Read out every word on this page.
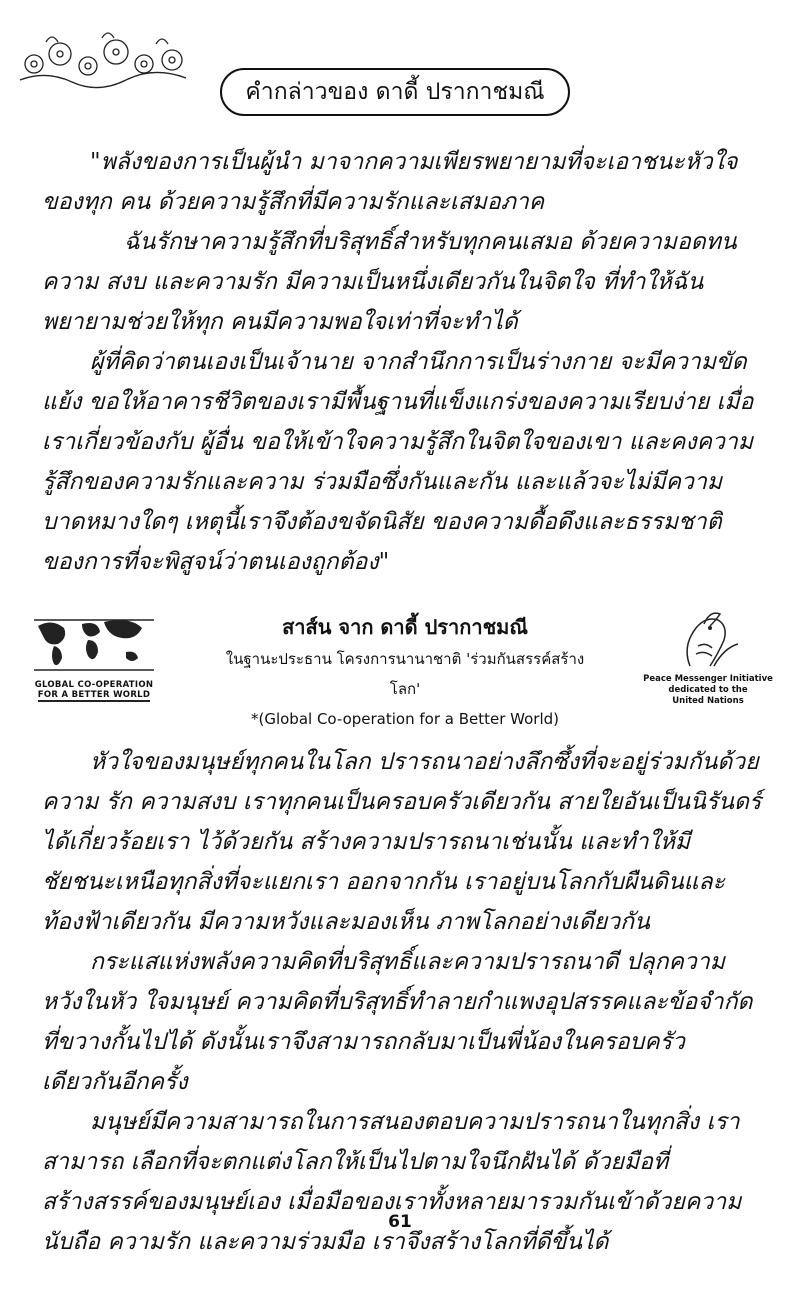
คำกล่าวของ ดาดี้ ปรากาชมณี

"พลังของการเป็นผู้นำ มาจากความเพียรพยายามที่จะเอาชนะหัวใจของทุก คน ด้วยความรู้สึกที่มีความรักและเสมอภาค

ฉันรักษาความรู้สึกที่บริสุทธิ์สำหรับทุกคนเสมอ ด้วยความอดทน ความ สงบ และความรัก มีความเป็นหนึ่งเดียวกันในจิตใจ ที่ทำให้ฉันพยายามช่วยให้ทุก คนมีความพอใจเท่าที่จะทำได้

ผู้ที่คิดว่าตนเองเป็นเจ้านาย จากสำนึกการเป็นร่างกาย จะมีความขัดแย้ง ขอให้อาคารชีวิตของเรามีพื้นฐานที่แข็งแกร่งของความเรียบง่าย เมื่อเราเกี่ยวข้องกับ ผู้อื่น ขอให้เข้าใจความรู้สึกในจิตใจของเขา และคงความรู้สึกของความรักและความ ร่วมมือซึ่งกันและกัน และแล้วจะไม่มีความบาดหมางใดๆ เหตุนี้เราจึงต้องขจัดนิสัย ของความดื้อดึงและธรรมชาติของการที่จะพิสูจน์ว่าตนเองถูกต้อง"

GLOBAL CO-OPERATION
FOR A BETTER WORLD
สาส์น จาก ดาดี้ ปรากาชมณี
ในฐานะประธาน โครงการนานาชาติ 'ร่วมกันสรรค์สร้างโลก'
*(Global Co-operation for a Better World)
Peace Messenger Initiative
dedicated to the
United Nations

หัวใจของมนุษย์ทุกคนในโลก ปรารถนาอย่างลึกซึ้งที่จะอยู่ร่วมกันด้วยความ รัก ความสงบ เราทุกคนเป็นครอบครัวเดียวกัน สายใยอันเป็นนิรันดร์ได้เกี่ยวร้อยเรา ไว้ด้วยกัน สร้างความปรารถนาเช่นนั้น และทำให้มีชัยชนะเหนือทุกสิ่งที่จะแยกเรา ออกจากกัน เราอยู่บนโลกกับผืนดินและท้องฟ้าเดียวกัน มีความหวังและมองเห็น ภาพโลกอย่างเดียวกัน

กระแสแห่งพลังความคิดที่บริสุทธิ์และความปรารถนาดี ปลุกความหวังในหัว ใจมนุษย์ ความคิดที่บริสุทธิ์ทำลายกำแพงอุปสรรคและข้อจำกัดที่ขวางกั้นไปได้ ดังนั้นเราจึงสามารถกลับมาเป็นพี่น้องในครอบครัวเดียวกันอีกครั้ง

มนุษย์มีความสามารถในการสนองตอบความปรารถนาในทุกสิ่ง เราสามารถ เลือกที่จะตกแต่งโลกให้เป็นไปตามใจนึกฝันได้ ด้วยมือที่สร้างสรรค์ของมนุษย์เอง เมื่อมือของเราทั้งหลายมารวมกันเข้าด้วยความนับถือ ความรัก และความร่วมมือ เราจึงสร้างโลกที่ดีขึ้นได้

61
